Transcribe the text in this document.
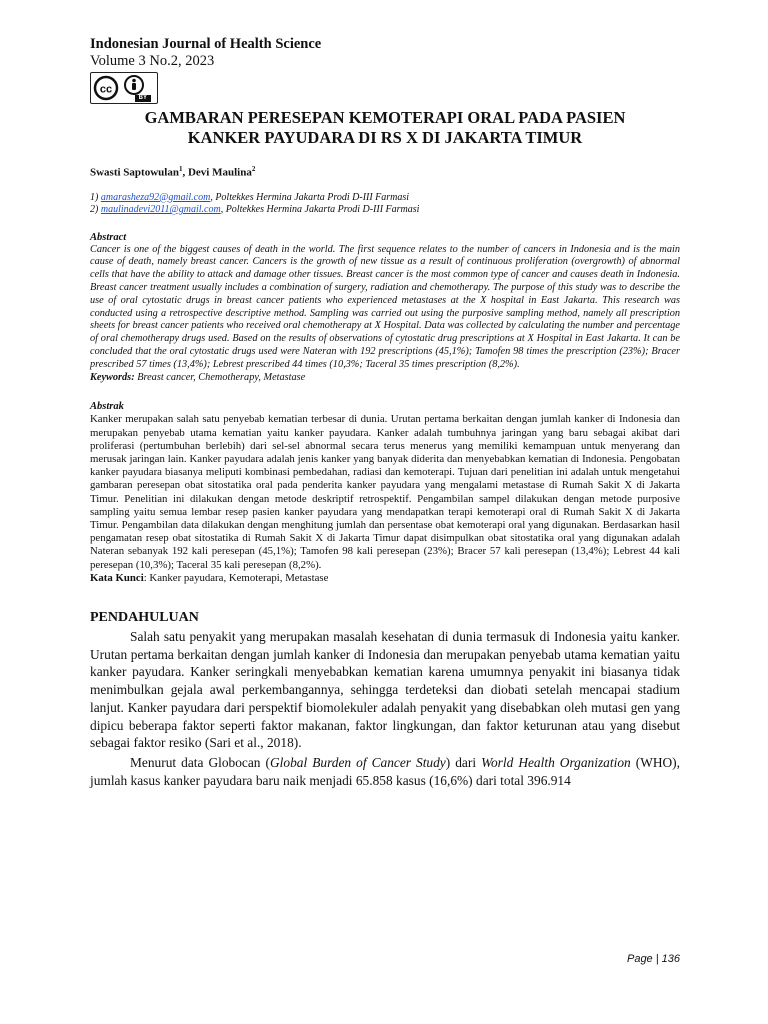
Indonesian Journal of Health Science
Volume 3 No.2, 2023
cc
BY
GAMBARAN PERESEPAN KEMOTERAPI ORAL PADA PASIEN
KANKER PAYUDARA DI RS X DI JAKARTA TIMUR
Swasti Saptowulan$^1$, Devi Maulina$^2$
1) amarasheza92@gmail.com, Poltekkes Hermina Jakarta Prodi D-III Farmasi
2) maulinadevi2011@gmail.com, Poltekkes Hermina Jakarta Prodi D-III Farmasi
Abstract

Cancer is one of the biggest causes of death in the world. The first sequence relates to the number of cancers in Indonesia and is the main cause of death, namely breast cancer. Cancers is the growth of new tissue as a result of continuous proliferation (overgrowth) of abnormal cells that have the ability to attack and damage other tissues. Breast cancer is the most common type of cancer and causes death in Indonesia. Breast cancer treatment usually includes a combination of surgery, radiation and chemotherapy. The purpose of this study was to describe the use of oral cytostatic drugs in breast cancer patients who experienced metastases at the X hospital in East Jakarta. This research was conducted using a retrospective descriptive method. Sampling was carried out using the purposive sampling method, namely all prescription sheets for breast cancer patients who received oral chemotherapy at X Hospital. Data was collected by calculating the number and percentage of oral chemotherapy drugs used. Based on the results of observations of cytostatic drug prescriptions at X Hospital in East Jakarta. It can be concluded that the oral cytostatic drugs used were Nateran with 192 prescriptions (45,1%); Tamofen 98 times the prescription (23%); Bracer prescribed 57 times (13,4%); Lebrest prescribed 44 times (10,3%; Taceral 35 times prescription (8,2%).

Keywords: Breast cancer, Chemotherapy, Metastase
Abstrak

Kanker merupakan salah satu penyebab kematian terbesar di dunia. Urutan pertama berkaitan dengan jumlah kanker di Indonesia dan merupakan penyebab utama kematian yaitu kanker payudara. Kanker adalah tumbuhnya jaringan yang baru sebagai akibat dari proliferasi (pertumbuhan berlebih) dari sel-sel abnormal secara terus menerus yang memiliki kemampuan untuk menyerang dan merusak jaringan lain. Kanker payudara adalah jenis kanker yang banyak diderita dan menyebabkan kematian di Indonesia. Pengobatan kanker payudara biasanya meliputi kombinasi pembedahan, radiasi dan kemoterapi. Tujuan dari penelitian ini adalah untuk mengetahui gambaran peresepan obat sitostatika oral pada penderita kanker payudara yang mengalami metastase di Rumah Sakit X di Jakarta Timur. Penelitian ini dilakukan dengan metode deskriptif retrospektif. Pengambilan sampel dilakukan dengan metode purposive sampling yaitu semua lembar resep pasien kanker payudara yang mendapatkan terapi kemoterapi oral di Rumah Sakit X di Jakarta Timur. Pengambilan data dilakukan dengan menghitung jumlah dan persentase obat kemoterapi oral yang digunakan. Berdasarkan hasil pengamatan resep obat sitostatika di Rumah Sakit X di Jakarta Timur dapat disimpulkan obat sitostatika oral yang digunakan adalah Nateran sebanyak 192 kali peresepan (45,1%); Tamofen 98 kali peresepan (23%); Bracer 57 kali peresepan (13,4%); Lebrest 44 kali peresepan (10,3%); Taceral 35 kali peresepan (8,2%).

Kata Kunci: Kanker payudara, Kemoterapi, Metastase
PENDAHULUAN

Salah satu penyakit yang merupakan masalah kesehatan di dunia termasuk di Indonesia yaitu kanker. Urutan pertama berkaitan dengan jumlah kanker di Indonesia dan merupakan penyebab utama kematian yaitu kanker payudara. Kanker seringkali menyebabkan kematian karena umumnya penyakit ini biasanya tidak menimbulkan gejala awal perkembangannya, sehingga terdeteksi dan diobati setelah mencapai stadium lanjut. Kanker payudara dari perspektif biomolekuler adalah penyakit yang disebabkan oleh mutasi gen yang dipicu beberapa faktor seperti faktor makanan, faktor lingkungan, dan faktor keturunan atau yang disebut sebagai faktor resiko (Sari et al., 2018).

Menurut data Globocan (Global Burden of Cancer Study) dari World Health Organization (WHO), jumlah kasus kanker payudara baru naik menjadi 65.858 kasus (16,6%) dari total 396.914

Page | 136
